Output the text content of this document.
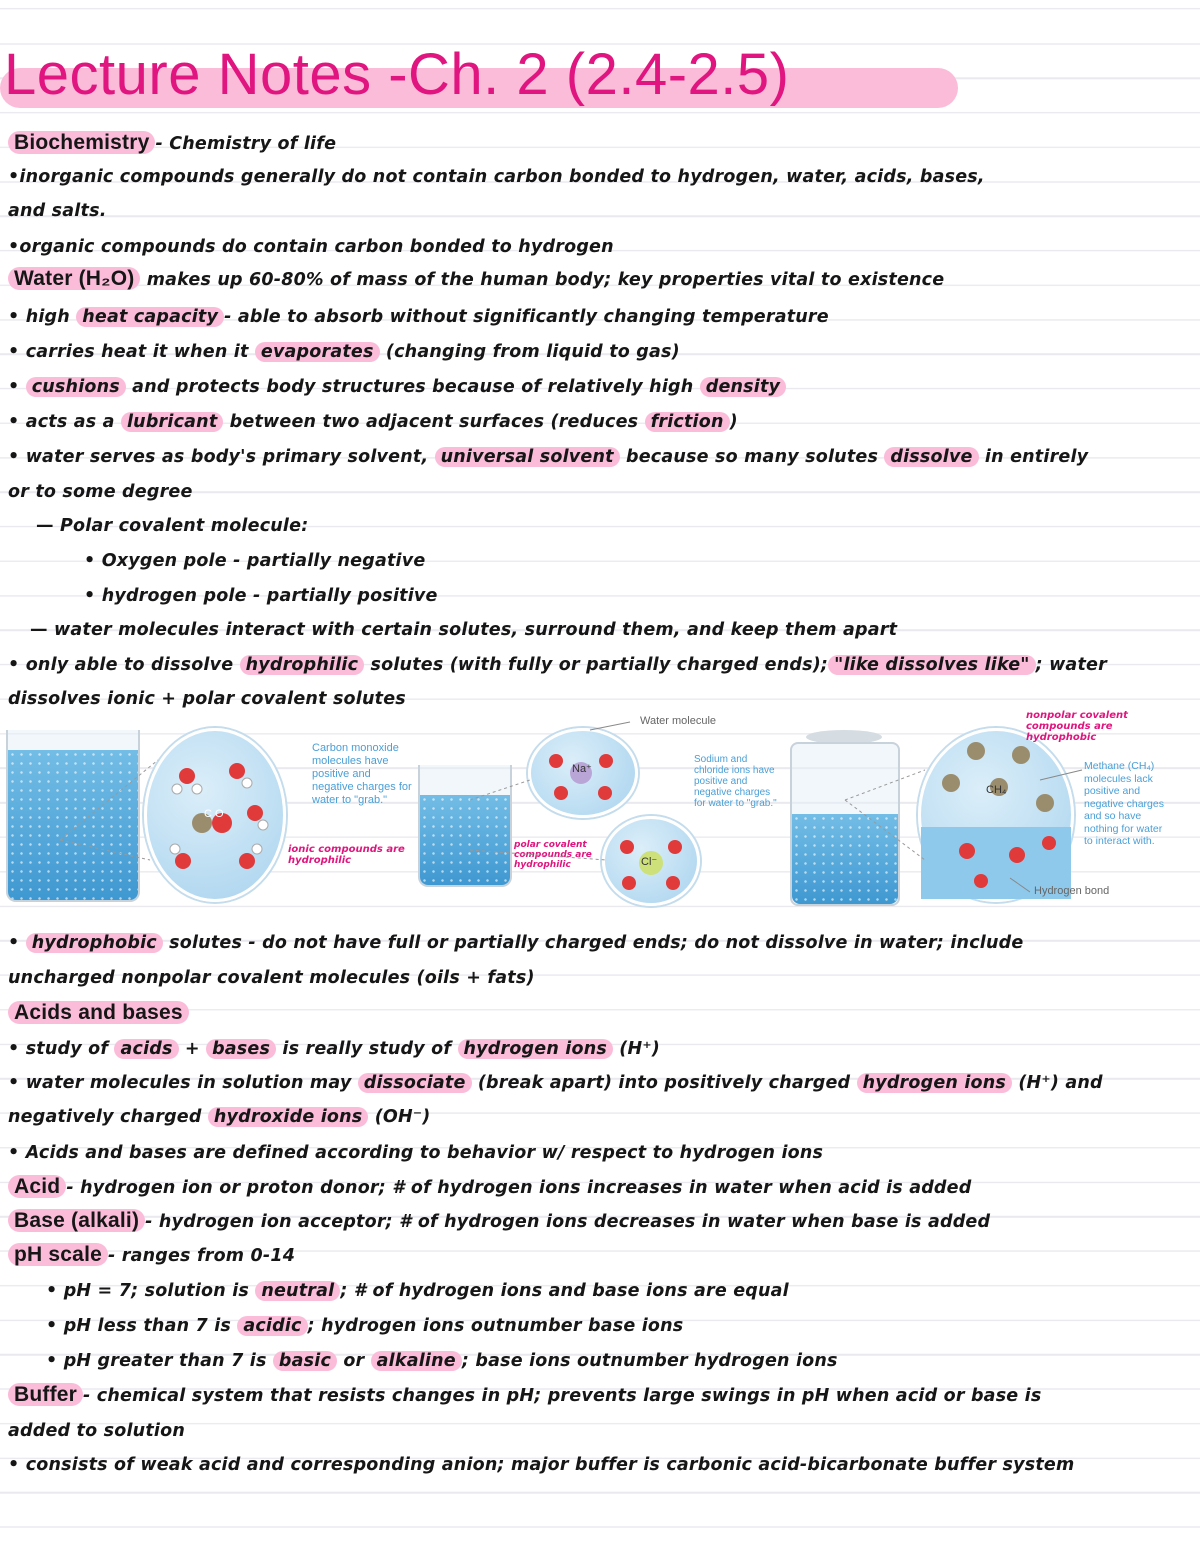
Lecture Notes -Ch. 2 (2.4-2.5)
Biochemistry - Chemistry of life
•inorganic compounds generally do not contain carbon bonded to hydrogen, water, acids, bases,
and salts.
•organic compounds do contain carbon bonded to hydrogen
Water (H₂O) makes up 60-80% of mass of the human body; key properties vital to existence
• high heat capacity - able to absorb without significantly changing temperature
• carries heat it when it evaporates (changing from liquid to gas)
• cushions and protects body structures because of relatively high density
• acts as a lubricant between two adjacent surfaces (reduces friction )
• water serves as body's primary solvent, universal solvent because so many solutes dissolve in entirely
or to some degree
— Polar covalent molecule:
• Oxygen pole - partially negative
• hydrogen pole - partially positive
— water molecules interact with certain solutes, surround them, and keep them apart
• only able to dissolve hydrophilic solutes (with fully or partially charged ends); "like dissolves like" ; water
dissolves ionic + polar covalent solutes
C O
Carbon monoxide molecules have positive and negative charges for water to "grab."
ionic compounds are hydrophilic
Na⁺
Cl⁻
Water molecule
Sodium and chloride ions have positive and negative charges for water to "grab."
polar covalent compounds are hydrophilic
CH₄
nonpolar covalent compounds are hydrophobic
Methane (CH₄) molecules lack positive and negative charges and so have nothing for water to interact with.
Hydrogen bond
• hydrophobic solutes - do not have full or partially charged ends; do not dissolve in water; include
uncharged nonpolar covalent molecules (oils + fats)
Acids and bases
• study of acids + bases is really study of hydrogen ions (H⁺)
• water molecules in solution may dissociate (break apart) into positively charged hydrogen ions (H⁺) and
negatively charged hydroxide ions (OH⁻)
• Acids and bases are defined according to behavior w/ respect to hydrogen ions
Acid - hydrogen ion or proton donor; # of hydrogen ions increases in water when acid is added
Base (alkali) - hydrogen ion acceptor; # of hydrogen ions decreases in water when base is added
pH scale - ranges from 0-14
• pH = 7; solution is neutral ; # of hydrogen ions and base ions are equal
• pH less than 7 is acidic ; hydrogen ions outnumber base ions
• pH greater than 7 is basic or alkaline ; base ions outnumber hydrogen ions
Buffer - chemical system that resists changes in pH; prevents large swings in pH when acid or base is
added to solution
• consists of weak acid and corresponding anion; major buffer is carbonic acid-bicarbonate buffer system
